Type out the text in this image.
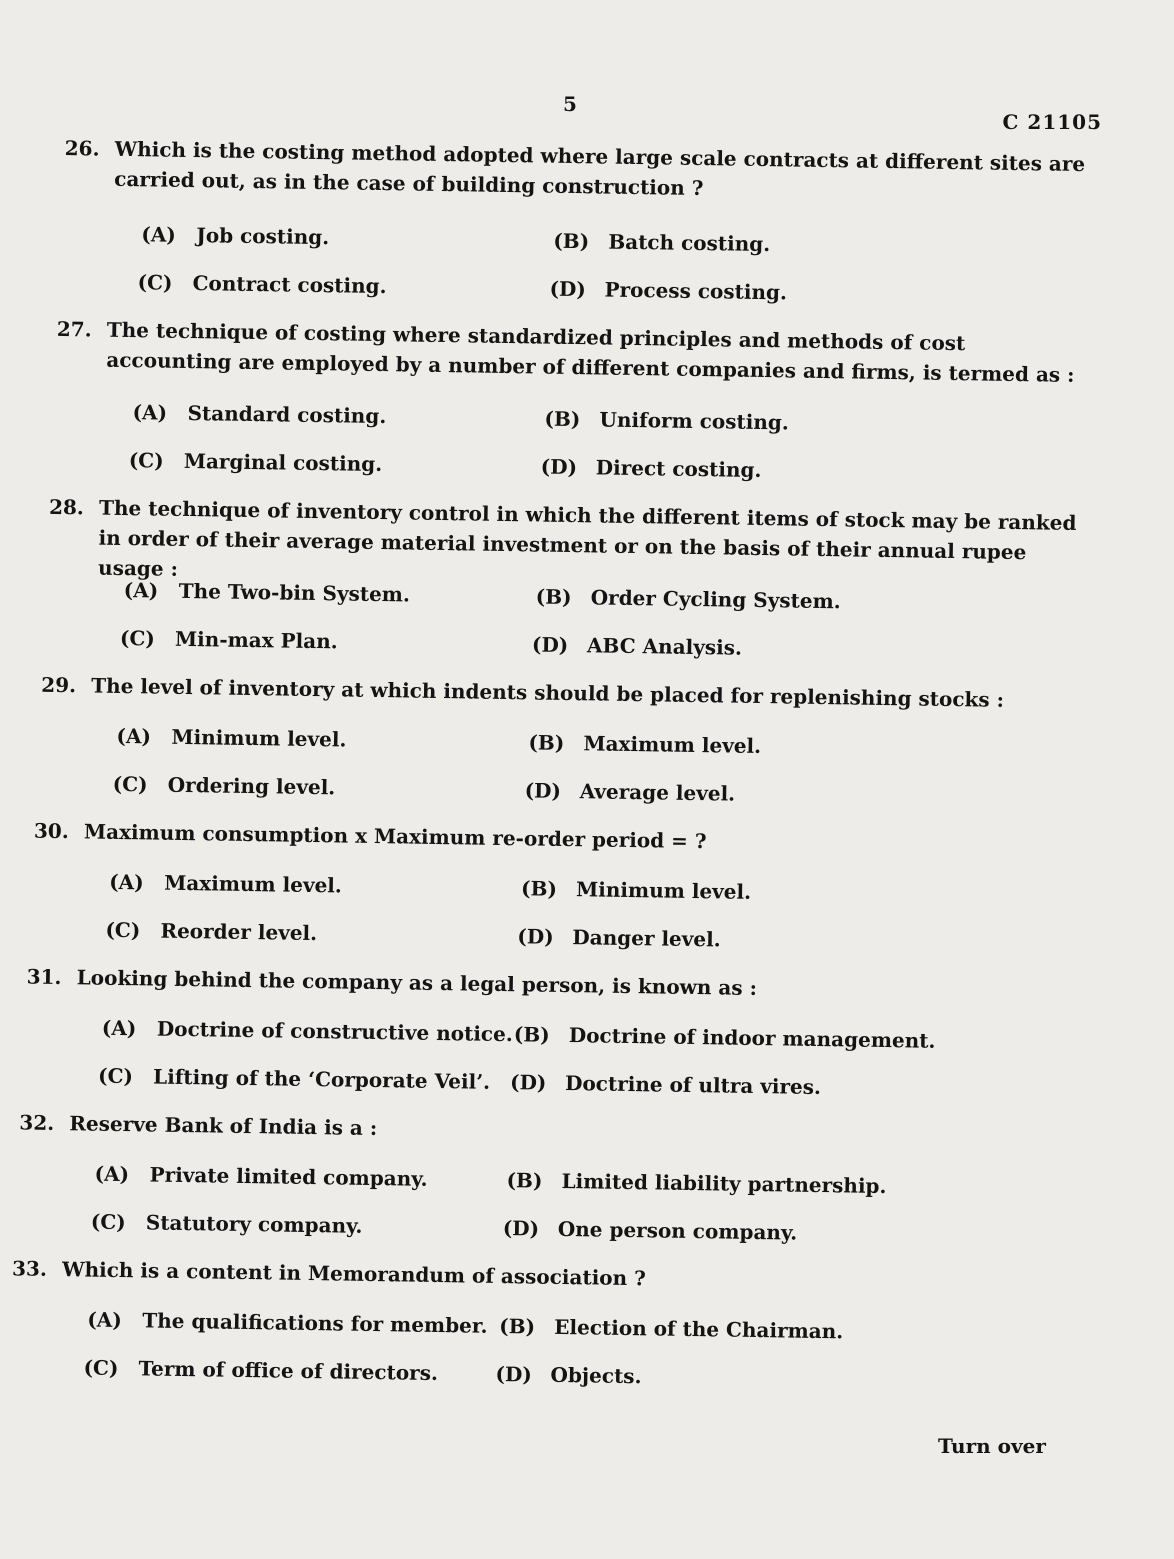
5
C 21105
26. Which is the costing method adopted where large scale contracts at different sites are carried out, as in the case of building construction ?
(A) Job costing.	(B) Batch costing.
(C) Contract costing.	(D) Process costing.
27. The technique of costing where standardized principles and methods of cost accounting are employed by a number of different companies and firms, is termed as :
(A) Standard costing.	(B) Uniform costing.
(C) Marginal costing.	(D) Direct costing.
28. The technique of inventory control in which the different items of stock may be ranked in order of their average material investment or on the basis of their annual rupee usage :
(A) The Two-bin System.	(B) Order Cycling System.
(C) Min-max Plan.	(D) ABC Analysis.
29. The level of inventory at which indents should be placed for replenishing stocks :
(A) Minimum level.	(B) Maximum level.
(C) Ordering level.	(D) Average level.
30. Maximum consumption x Maximum re-order period = ?
(A) Maximum level.	(B) Minimum level.
(C) Reorder level.	(D) Danger level.
31. Looking behind the company as a legal person, is known as :
(A) Doctrine of constructive notice. (B) Doctrine of indoor management.
(C) Lifting of the ‘Corporate Veil’. (D) Doctrine of ultra vires.
32. Reserve Bank of India is a :
(A) Private limited company.	(B) Limited liability partnership.
(C) Statutory company.	(D) One person company.
33. Which is a content in Memorandum of association ?
(A) The qualifications for member. (B) Election of the Chairman.
(C) Term of office of directors.	(D) Objects.
Turn over
